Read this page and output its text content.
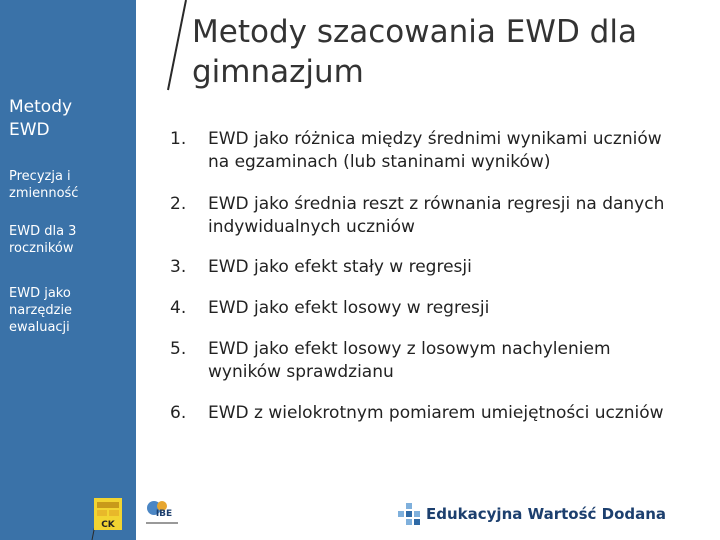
Metody szacowania EWD dla gimnazjum
Metody EWD
Precyzja i zmienność
EWD dla 3 roczników
EWD jako narzędzie ewaluacji
1.	EWD jako różnica między średnimi wynikami uczniów na egzaminach (lub staninami wyników)
2.	EWD jako średnia reszt z równania regresji na danych indywidualnych uczniów
3.	EWD jako efekt stały w regresji
4.	EWD jako efekt losowy w regresji
5.	EWD jako efekt losowy z losowym nachyleniem wyników sprawdzianu
6.	EWD z wielokrotnym pomiarem umiejętności uczniów
CK
IBE	Edukacyjna Wartość Dodana
